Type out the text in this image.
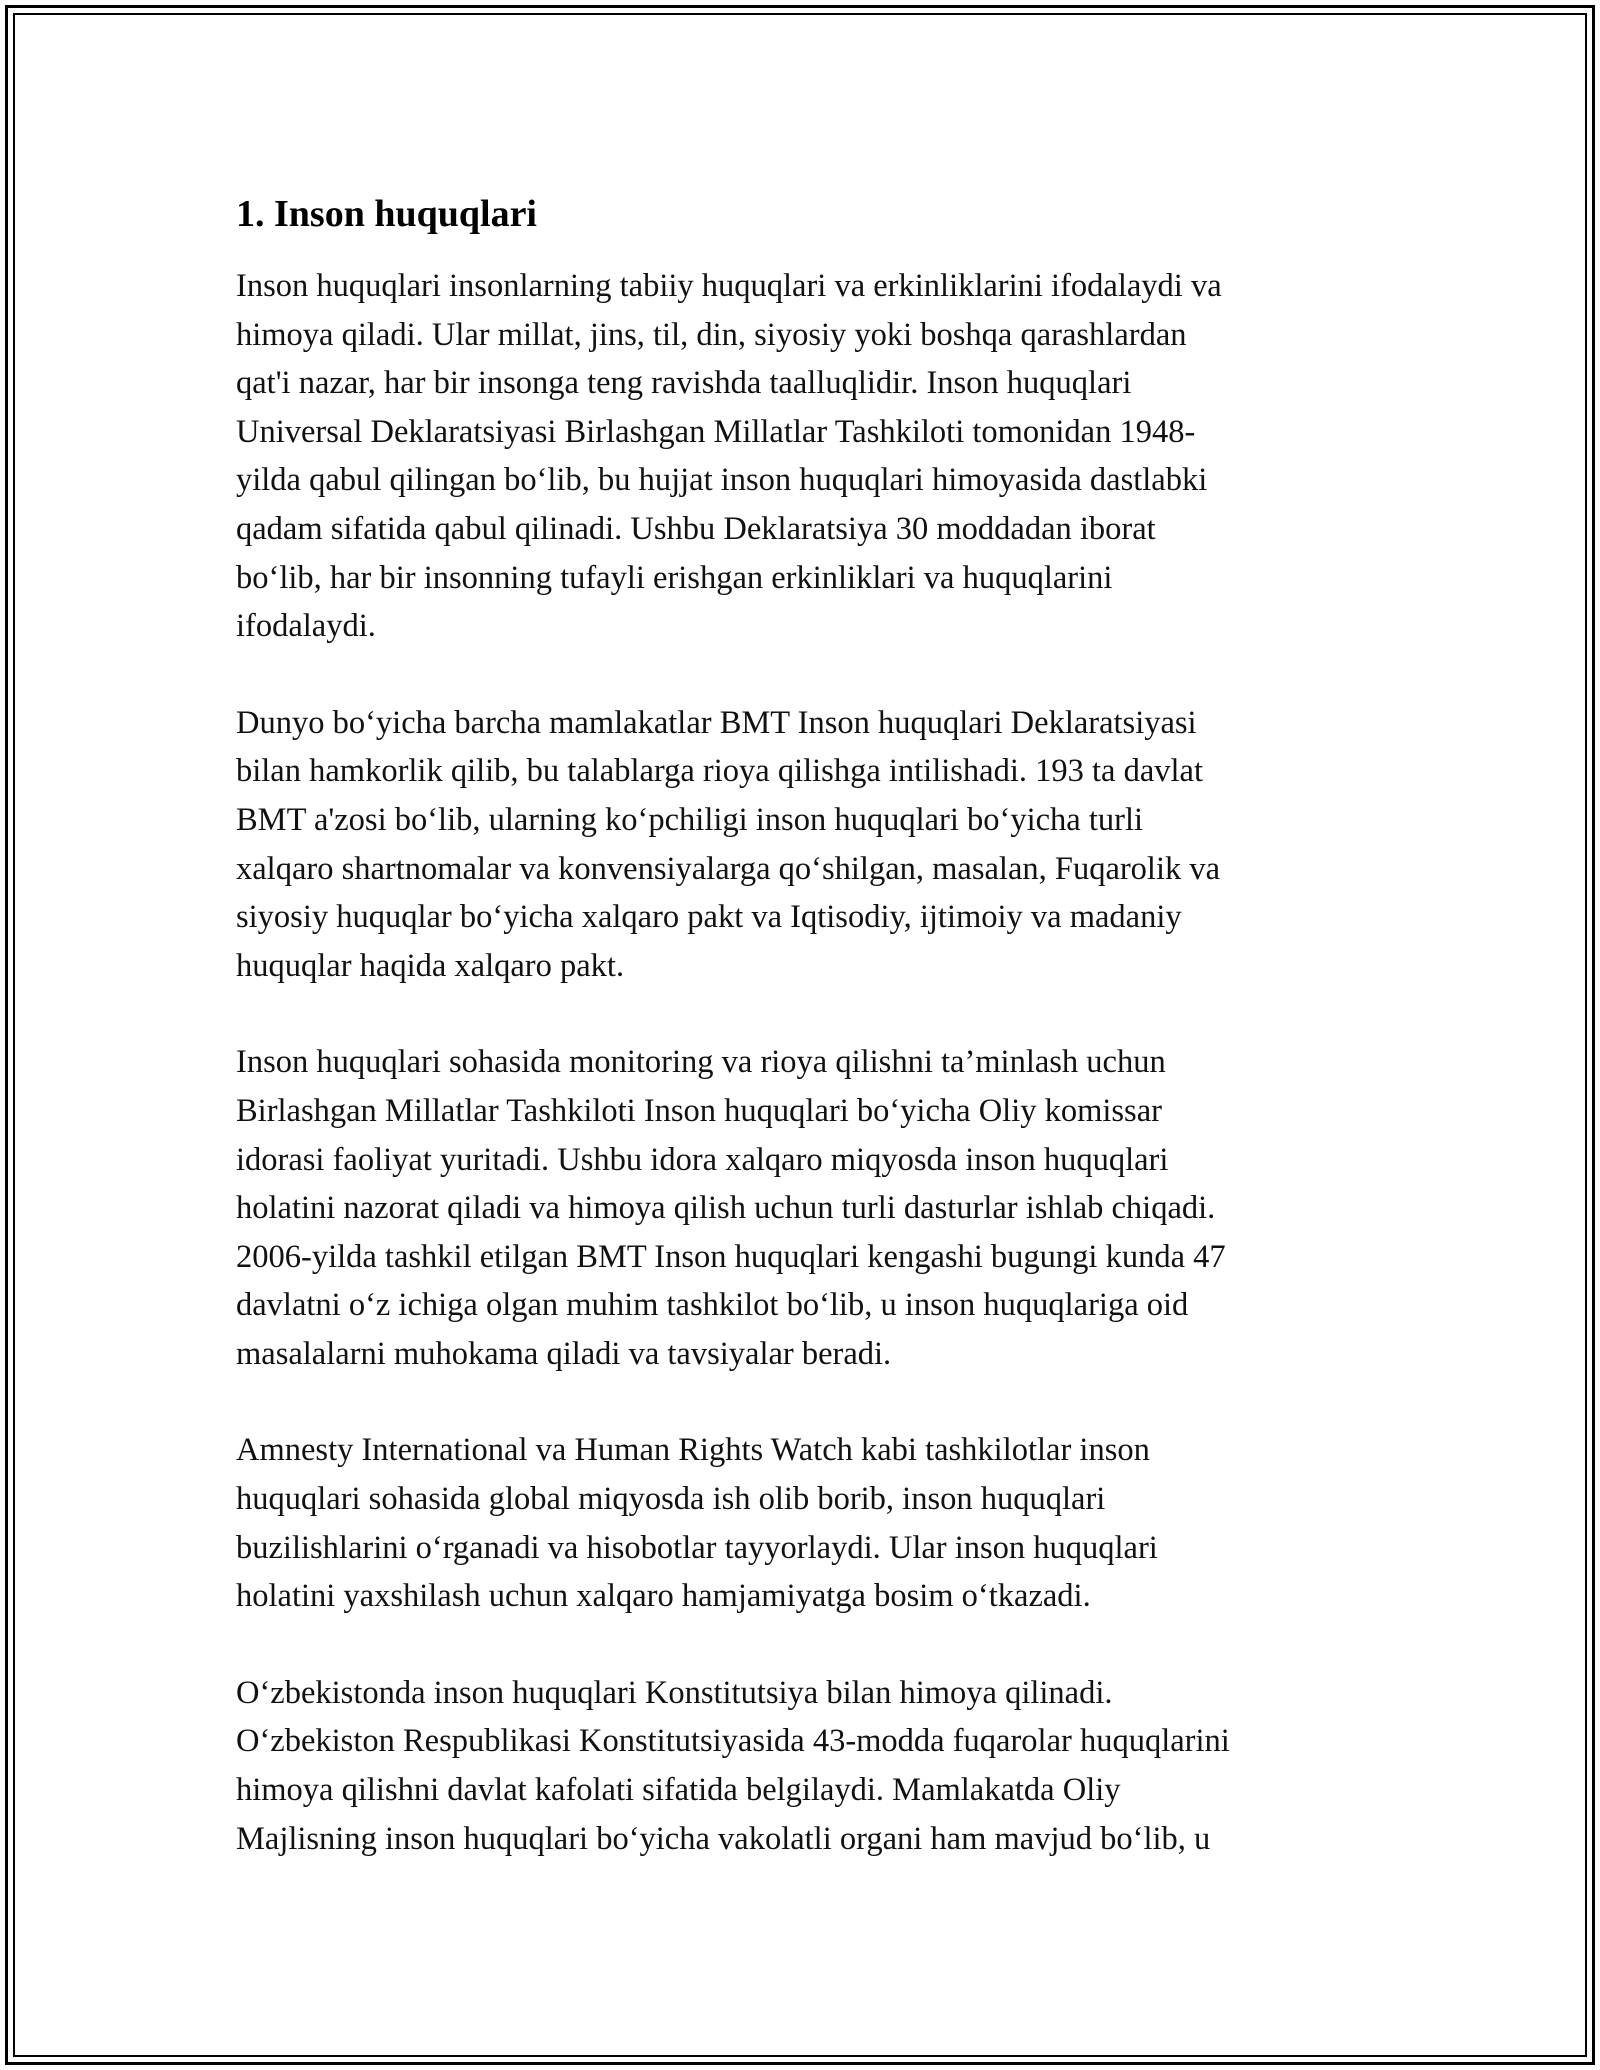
1. Inson huquqlari

Inson huquqlari insonlarning tabiiy huquqlari va erkinliklarini ifodalaydi va
himoya qiladi. Ular millat, jins, til, din, siyosiy yoki boshqa qarashlardan
qat'i nazar, har bir insonga teng ravishda taalluqlidir. Inson huquqlari
Universal Deklaratsiyasi Birlashgan Millatlar Tashkiloti tomonidan 1948-
yilda qabul qilingan bo‘lib, bu hujjat inson huquqlari himoyasida dastlabki
qadam sifatida qabul qilinadi. Ushbu Deklaratsiya 30 moddadan iborat
bo‘lib, har bir insonning tufayli erishgan erkinliklari va huquqlarini
ifodalaydi.

Dunyo bo‘yicha barcha mamlakatlar BMT Inson huquqlari Deklaratsiyasi
bilan hamkorlik qilib, bu talablarga rioya qilishga intilishadi. 193 ta davlat
BMT a'zosi bo‘lib, ularning ko‘pchiligi inson huquqlari bo‘yicha turli
xalqaro shartnomalar va konvensiyalarga qo‘shilgan, masalan, Fuqarolik va
siyosiy huquqlar bo‘yicha xalqaro pakt va Iqtisodiy, ijtimoiy va madaniy
huquqlar haqida xalqaro pakt.

Inson huquqlari sohasida monitoring va rioya qilishni ta’minlash uchun
Birlashgan Millatlar Tashkiloti Inson huquqlari bo‘yicha Oliy komissar
idorasi faoliyat yuritadi. Ushbu idora xalqaro miqyosda inson huquqlari
holatini nazorat qiladi va himoya qilish uchun turli dasturlar ishlab chiqadi.
2006-yilda tashkil etilgan BMT Inson huquqlari kengashi bugungi kunda 47
davlatni o‘z ichiga olgan muhim tashkilot bo‘lib, u inson huquqlariga oid
masalalarni muhokama qiladi va tavsiyalar beradi.

Amnesty International va Human Rights Watch kabi tashkilotlar inson
huquqlari sohasida global miqyosda ish olib borib, inson huquqlari
buzilishlarini o‘rganadi va hisobotlar tayyorlaydi. Ular inson huquqlari
holatini yaxshilash uchun xalqaro hamjamiyatga bosim o‘tkazadi.

O‘zbekistonda inson huquqlari Konstitutsiya bilan himoya qilinadi.
O‘zbekiston Respublikasi Konstitutsiyasida 43-modda fuqarolar huquqlarini
himoya qilishni davlat kafolati sifatida belgilaydi. Mamlakatda Oliy
Majlisning inson huquqlari bo‘yicha vakolatli organi ham mavjud bo‘lib, u
